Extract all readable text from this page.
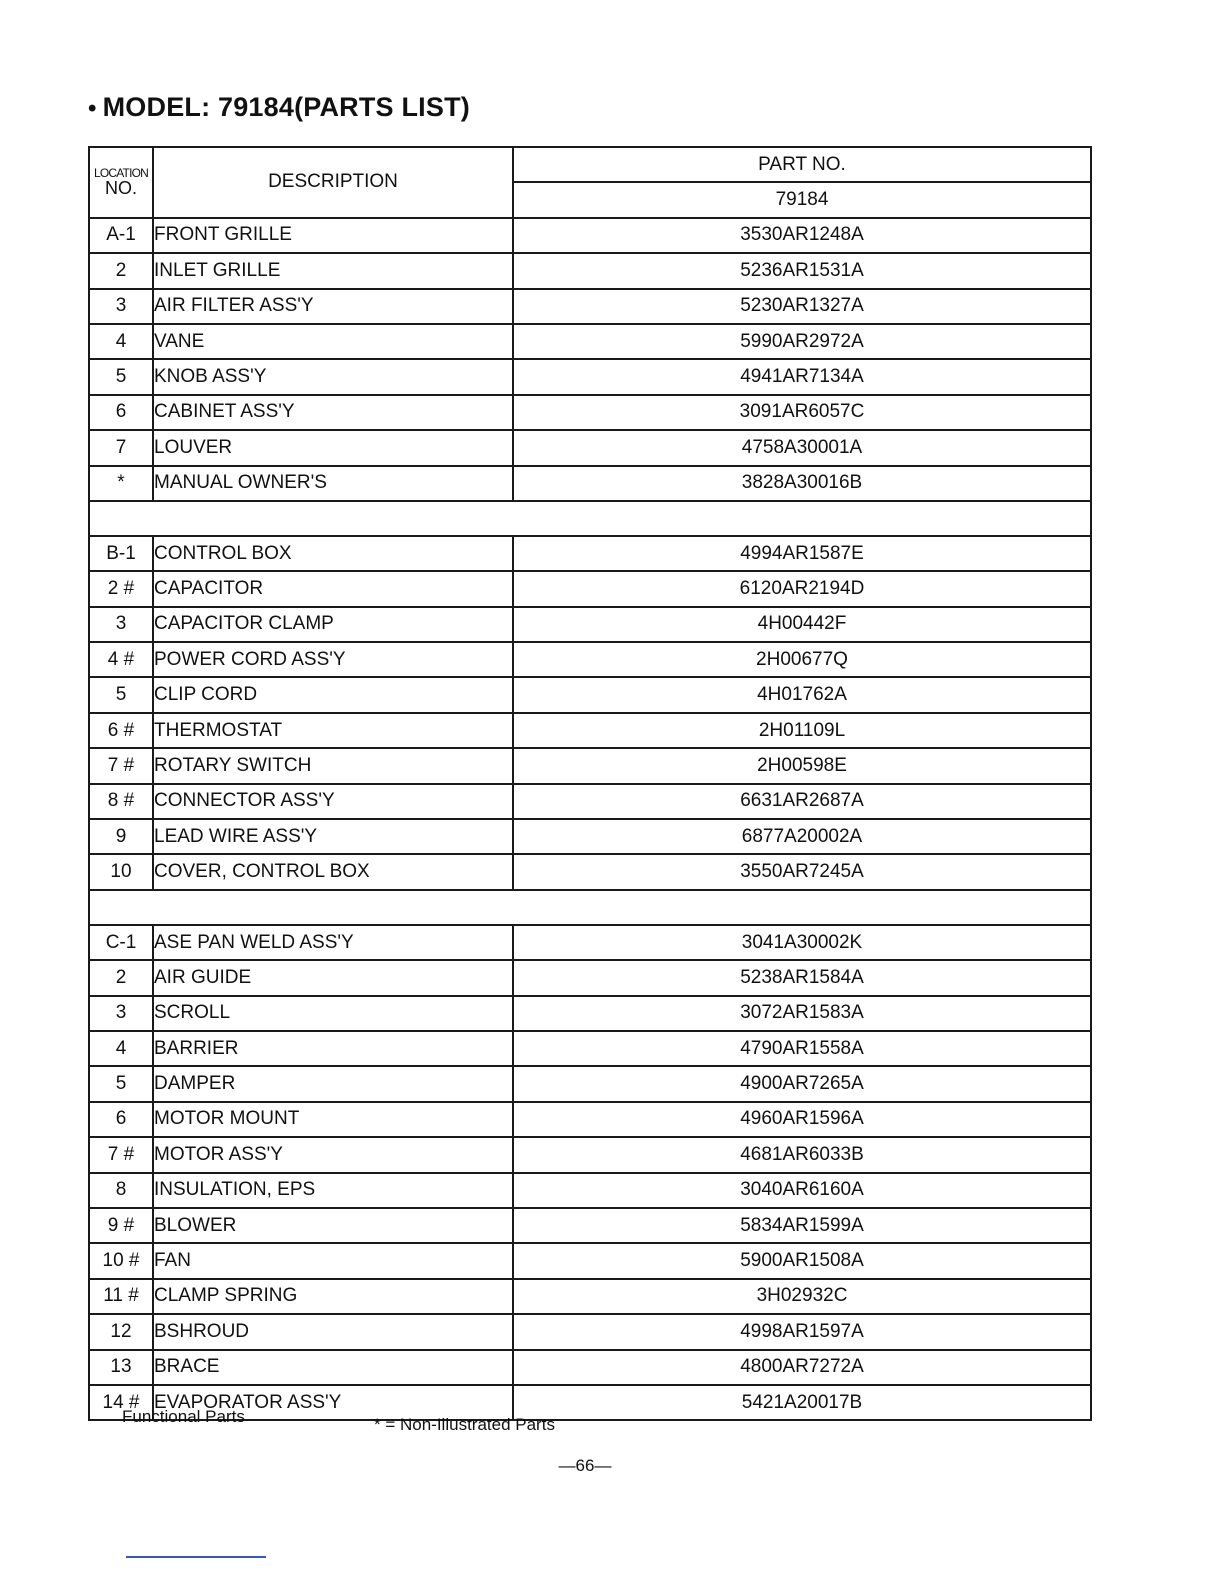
• MODEL: 79184(PARTS LIST)
LOCATION
NO.	DESCRIPTION	PART NO.
		79184
A-1	FRONT GRILLE	3530AR1248A
2	INLET GRILLE	5236AR1531A
3	AIR FILTER ASS'Y	5230AR1327A
4	VANE	5990AR2972A
5	KNOB ASS'Y	4941AR7134A
6	CABINET ASS'Y	3091AR6057C
7	LOUVER	4758A30001A
*	MANUAL OWNER'S	3828A30016B

B-1	CONTROL BOX	4994AR1587E
2 #	CAPACITOR	6120AR2194D
3	CAPACITOR CLAMP	4H00442F
4 #	POWER CORD ASS'Y	2H00677Q
5	CLIP CORD	4H01762A
6 #	THERMOSTAT	2H01109L
7 #	ROTARY SWITCH	2H00598E
8 #	CONNECTOR ASS'Y	6631AR2687A
9	LEAD WIRE ASS'Y	6877A20002A
10	COVER, CONTROL BOX	3550AR7245A

C-1	ASE PAN WELD ASS'Y	3041A30002K
2	AIR GUIDE	5238AR1584A
3	SCROLL	3072AR1583A
4	BARRIER	4790AR1558A
5	DAMPER	4900AR7265A
6	MOTOR MOUNT	4960AR1596A
7 #	MOTOR ASS'Y	4681AR6033B
8	INSULATION, EPS	3040AR6160A
9 #	BLOWER	5834AR1599A
10 #	FAN	5900AR1508A
11 #	CLAMP SPRING	3H02932C
12	BSHROUD	4998AR1597A
13	BRACE	4800AR7272A
14 #	EVAPORATOR ASS'Y	5421A20017B
Functional Parts	* = Non-Illustrated Parts
—66—
